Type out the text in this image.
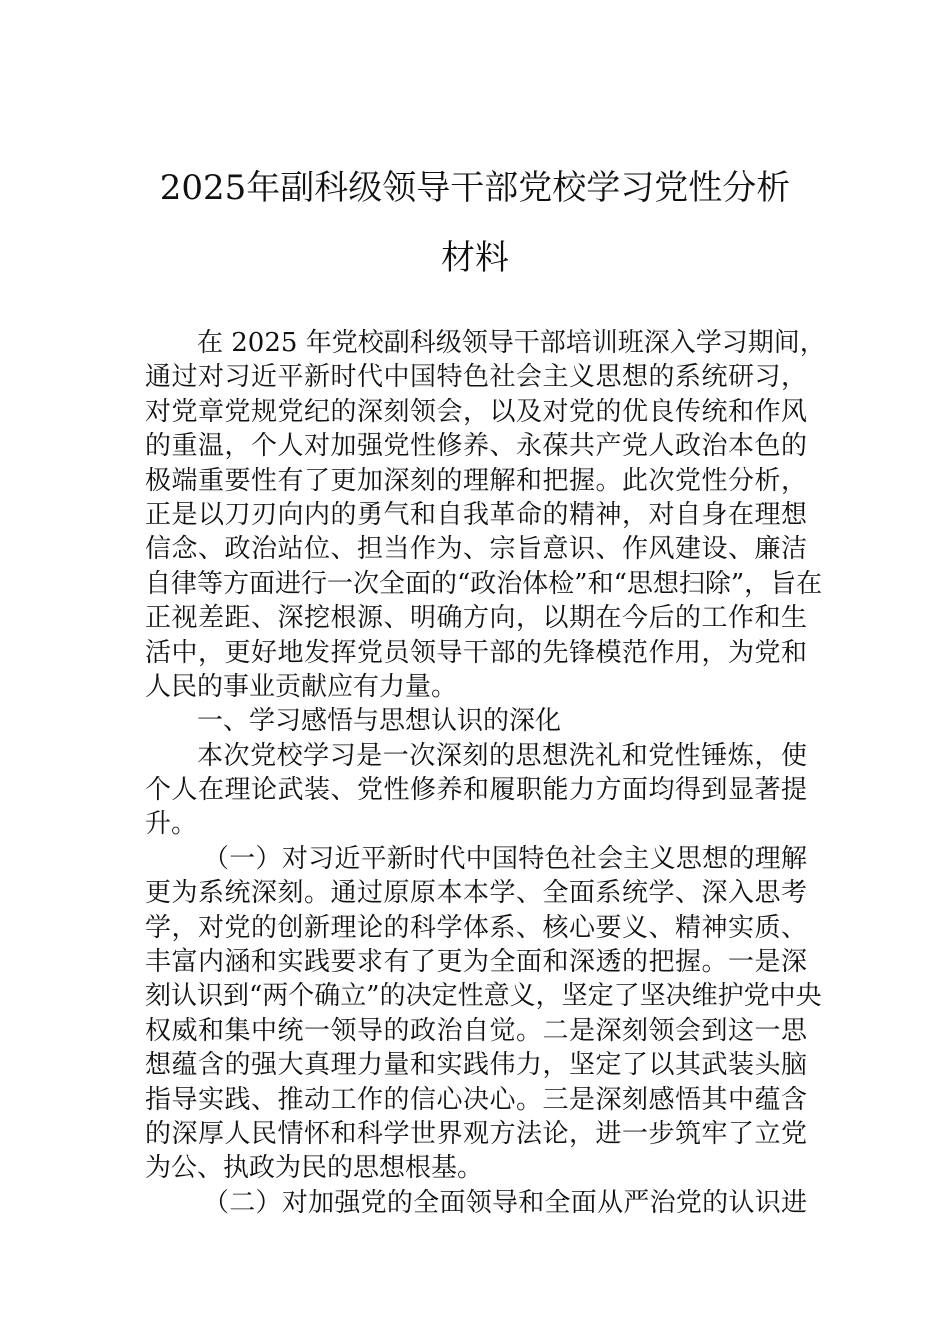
2025年副科级领导干部党校学习党性分析
材料
在 2025 年党校副科级领导干部培训班深入学习期间，
通过对习近平新时代中国特色社会主义思想的系统研习，
对党章党规党纪的深刻领会，以及对党的优良传统和作风
的重温，个人对加强党性修养、永葆共产党人政治本色的
极端重要性有了更加深刻的理解和把握。此次党性分析，
正是以刀刃向内的勇气和自我革命的精神，对自身在理想
信念、政治站位、担当作为、宗旨意识、作风建设、廉洁
自律等方面进行一次全面的“政治体检”和“思想扫除”，旨在
正视差距、深挖根源、明确方向，以期在今后的工作和生
活中，更好地发挥党员领导干部的先锋模范作用，为党和
人民的事业贡献应有力量。
一、学习感悟与思想认识的深化
本次党校学习是一次深刻的思想洗礼和党性锤炼，使
个人在理论武装、党性修养和履职能力方面均得到显著提
升。
（一）对习近平新时代中国特色社会主义思想的理解
更为系统深刻。通过原原本本学、全面系统学、深入思考
学，对党的创新理论的科学体系、核心要义、精神实质、
丰富内涵和实践要求有了更为全面和深透的把握。一是深
刻认识到“两个确立”的决定性意义，坚定了坚决维护党中央
权威和集中统一领导的政治自觉。二是深刻领会到这一思
想蕴含的强大真理力量和实践伟力，坚定了以其武装头脑
指导实践、推动工作的信心决心。三是深刻感悟其中蕴含
的深厚人民情怀和科学世界观方法论，进一步筑牢了立党
为公、执政为民的思想根基。
（二）对加强党的全面领导和全面从严治党的认识进
